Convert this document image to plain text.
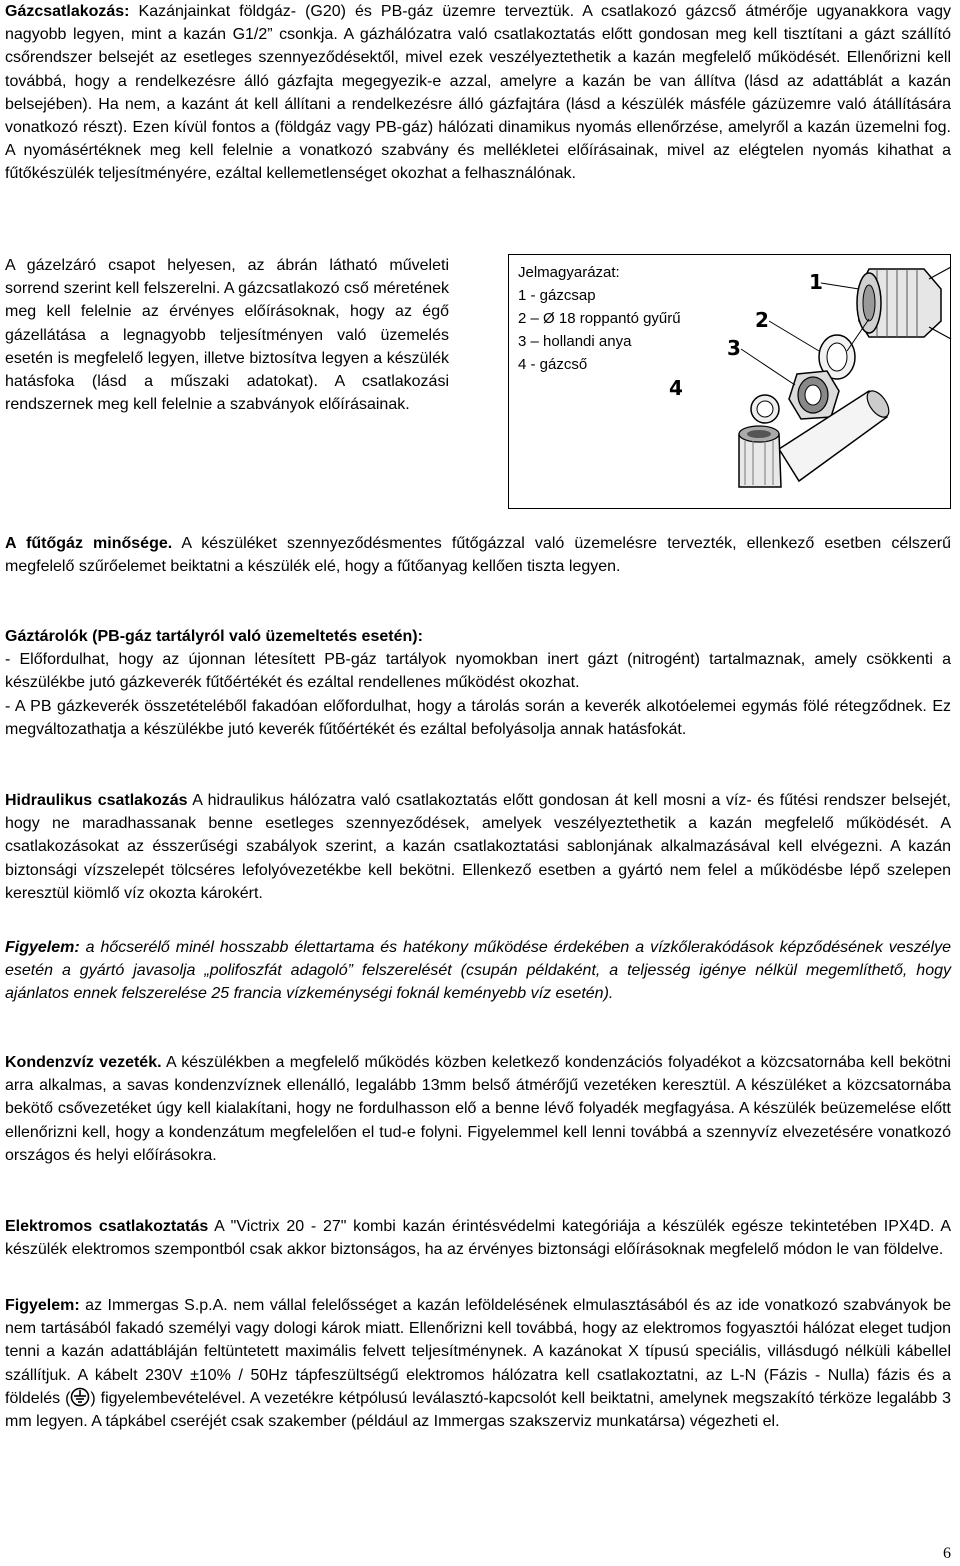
Gázcsatlakozás: Kazánjainkat földgáz- (G20) és PB-gáz üzemre terveztük. A csatlakozó gázcső átmérője ugyanakkora vagy nagyobb legyen, mint a kazán G1/2” csonkja. A gázhálózatra való csatlakoztatás előtt gondosan meg kell tisztítani a gázt szállító csőrendszer belsejét az esetleges szennyeződésektől, mivel ezek veszélyeztethetik a kazán megfelelő működését. Ellenőrizni kell továbbá, hogy a rendelkezésre álló gázfajta megegyezik-e azzal, amelyre a kazán be van állítva (lásd az adattáblát a kazán belsejében). Ha nem, a kazánt át kell állítani a rendelkezésre álló gázfajtára (lásd a készülék másféle gázüzemre való átállítására vonatkozó részt). Ezen kívül fontos a (földgáz vagy PB-gáz) hálózati dinamikus nyomás ellenőrzése, amelyről a kazán üzemelni fog. A nyomásértéknek meg kell felelnie a vonatkozó szabvány és mellékletei előírásainak, mivel az elégtelen nyomás kihathat a fűtőkészülék teljesítményére, ezáltal kellemetlenséget okozhat a felhasználónak.

A gázelzáró csapot helyesen, az ábrán látható műveleti sorrend szerint kell felszerelni. A gázcsatlakozó cső méretének meg kell felelnie az érvényes előírásoknak, hogy az égő gázellátása a legnagyobb teljesítményen való üzemelés esetén is megfelelő legyen, illetve biztosítva legyen a készülék hatásfoka (lásd a műszaki adatokat). A csatlakozási rendszernek meg kell felelnie a szabványok előírásainak.

Jelmagyarázat:
1 - gázcsap
2 – Ø 18 roppantó gyűrű
3 – hollandi anya
4 - gázcső
1
2
3
4

A fűtőgáz minősége. A készüléket szennyeződésmentes fűtőgázzal való üzemelésre tervezték, ellenkező esetben célszerű megfelelő szűrőelemet beiktatni a készülék elé, hogy a fűtőanyag kellően tiszta legyen.

Gáztárolók (PB-gáz tartályról való üzemeltetés esetén):

- Előfordulhat, hogy az újonnan létesített PB-gáz tartályok nyomokban inert gázt (nitrogént) tartalmaznak, amely csökkenti a készülékbe jutó gázkeverék fűtőértékét és ezáltal rendellenes működést okozhat.

- A PB gázkeverék összetételéből fakadóan előfordulhat, hogy a tárolás során a keverék alkotóelemei egymás fölé rétegződnek. Ez megváltozathatja a készülékbe jutó keverék fűtőértékét és ezáltal befolyásolja annak hatásfokát.

Hidraulikus csatlakozás A hidraulikus hálózatra való csatlakoztatás előtt gondosan át kell mosni a víz- és fűtési rendszer belsejét, hogy ne maradhassanak benne esetleges szennyeződések, amelyek veszélyeztethetik a kazán megfelelő működését. A csatlakozásokat az ésszerűségi szabályok szerint, a kazán csatlakoztatási sablonjának alkalmazásával kell elvégezni. A kazán biztonsági vízszelepét tölcséres lefolyóvezetékbe kell bekötni. Ellenkező esetben a gyártó nem felel a működésbe lépő szelepen keresztül kiömlő víz okozta károkért.

Figyelem: a hőcserélő minél hosszabb élettartama és hatékony működése érdekében a vízkőlerakódások képződésének veszélye esetén a gyártó javasolja „polifoszfát adagoló” felszerelését (csupán példaként, a teljesség igénye nélkül megemlíthető, hogy ajánlatos ennek felszerelése 25 francia vízkeménységi foknál keményebb víz esetén).

Kondenzvíz vezeték. A készülékben a megfelelő működés közben keletkező kondenzációs folyadékot a közcsatornába kell bekötni arra alkalmas, a savas kondenzvíznek ellenálló, legalább 13mm belső átmérőjű vezetéken keresztül. A készüléket a közcsatornába bekötő csővezetéket úgy kell kialakítani, hogy ne fordulhasson elő a benne lévő folyadék megfagyása. A készülék beüzemelése előtt ellenőrizni kell, hogy a kondenzátum megfelelően el tud-e folyni. Figyelemmel kell lenni továbbá a szennyvíz elvezetésére vonatkozó országos és helyi előírásokra.

Elektromos csatlakoztatás A "Victrix 20 - 27" kombi kazán érintésvédelmi kategóriája a készülék egésze tekintetében IPX4D. A készülék elektromos szempontból csak akkor biztonságos, ha az érvényes biztonsági előírásoknak megfelelő módon le van földelve.

Figyelem: az Immergas S.p.A. nem vállal felelősséget a kazán leföldelésének elmulasztásából és az ide vonatkozó szabványok be nem tartásából fakadó személyi vagy dologi károk miatt. Ellenőrizni kell továbbá, hogy az elektromos fogyasztói hálózat eleget tudjon tenni a kazán adattábláján feltüntetett maximális felvett teljesítménynek. A kazánokat X típusú speciális, villásdugó nélküli kábellel szállítjuk. A kábelt 230V ±10% / 50Hz tápfeszültségű elektromos hálózatra kell csatlakoztatni, az L-N (Fázis - Nulla) fázis és a földelés ( ) figyelembevételével. A vezetékre kétpólusú leválasztó-kapcsolót kell beiktatni, amelynek megszakító térköze legalább 3 mm legyen. A tápkábel cseréjét csak szakember (például az Immergas szakszerviz munkatársa) végezheti el.

6
